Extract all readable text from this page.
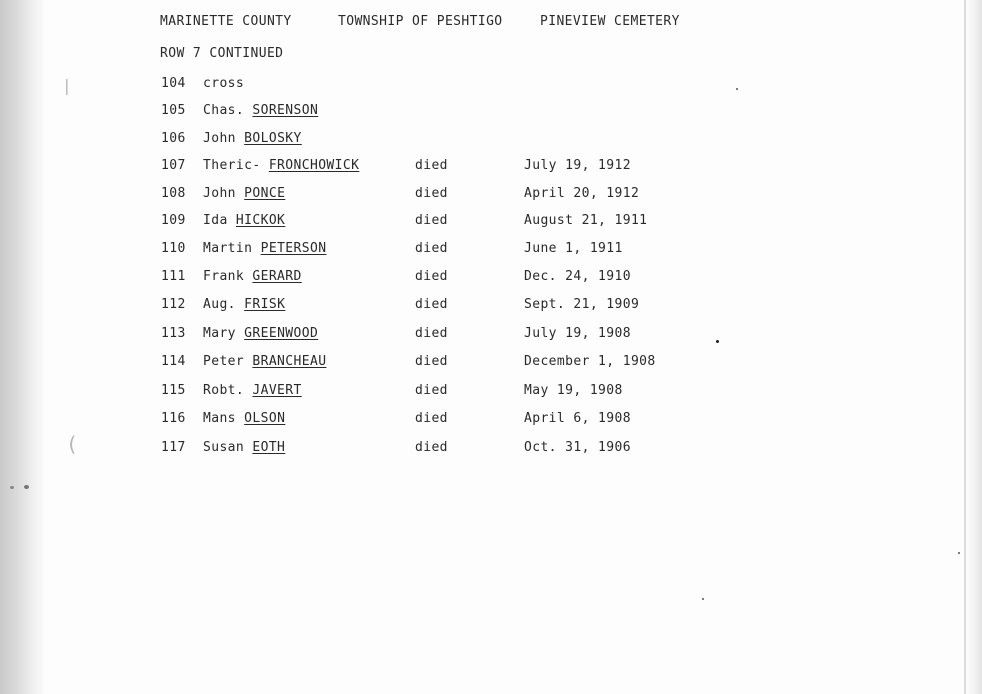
|
(
MARINETTE COUNTY	TOWNSHIP OF PESHTIGO	PINEVIEW CEMETERY
ROW 7 CONTINUED
104 cross
105 Chas. SORENSON
106 John BOLOSKY
107 Theric- FRONCHOWICK	died	July 19, 1912
108 John PONCE	died	April 20, 1912
109 Ida HICKOK	died	August 21, 1911
110 Martin PETERSON	died	June 1, 1911
111 Frank GERARD	died	Dec. 24, 1910
112 Aug. FRISK	died	Sept. 21, 1909
113 Mary GREENWOOD	died	July 19, 1908
114 Peter BRANCHEAU	died	December 1, 1908
115 Robt. JAVERT	died	May 19, 1908
116 Mans OLSON	died	April 6, 1908
117 Susan EOTH	died	Oct. 31, 1906
